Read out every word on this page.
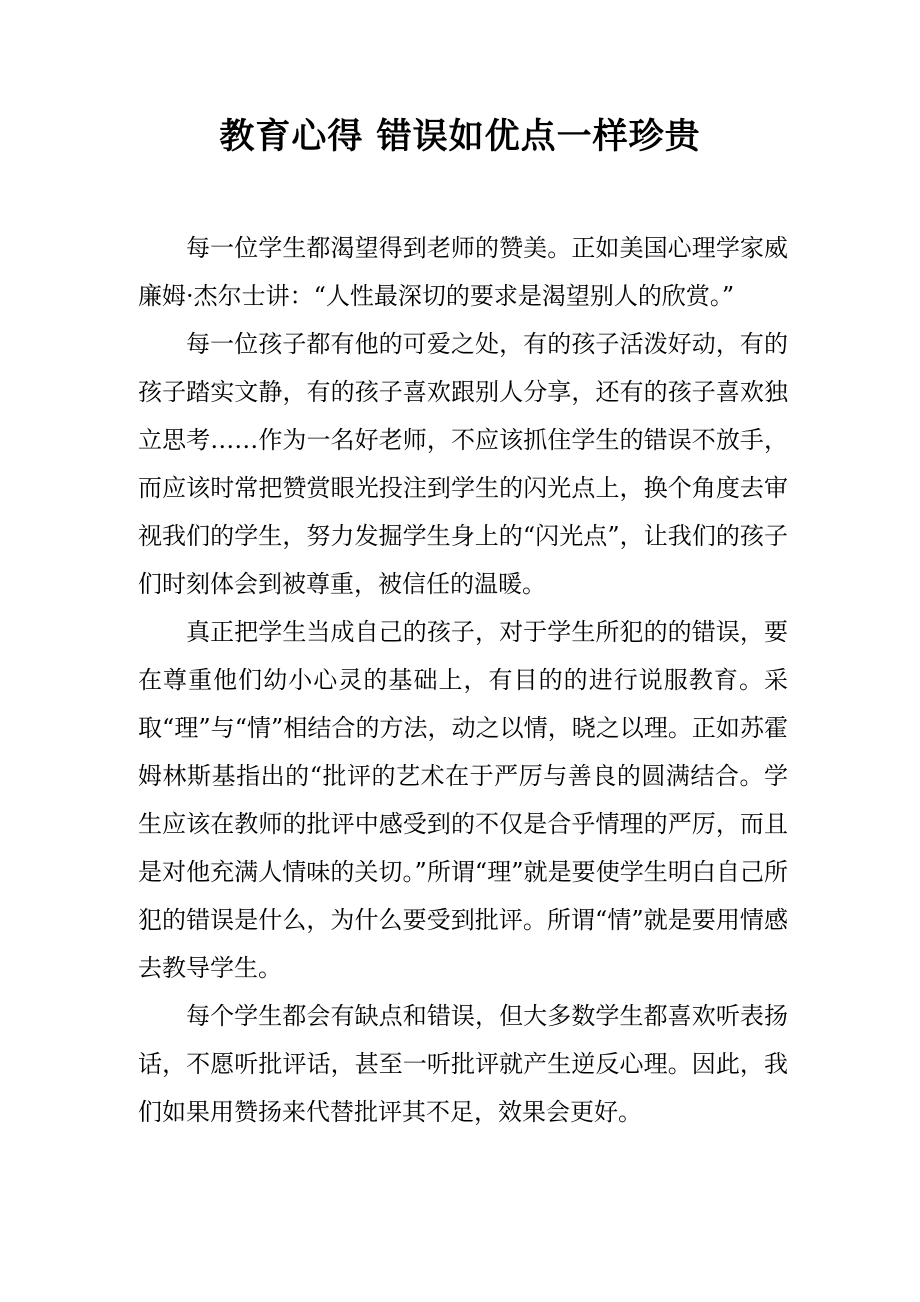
教育心得 错误如优点一样珍贵

每一位学生都渴望得到老师的赞美。正如美国心理学家威廉姆·杰尔士讲：“人性最深切的要求是渴望别人的欣赏。”

每一位孩子都有他的可爱之处，有的孩子活泼好动，有的孩子踏实文静，有的孩子喜欢跟别人分享，还有的孩子喜欢独立思考……作为一名好老师，不应该抓住学生的错误不放手，而应该时常把赞赏眼光投注到学生的闪光点上，换个角度去审视我们的学生，努力发掘学生身上的“闪光点”，让我们的孩子们时刻体会到被尊重，被信任的温暖。

真正把学生当成自己的孩子，对于学生所犯的的错误，要在尊重他们幼小心灵的基础上，有目的的进行说服教育。采取“理”与“情”相结合的方法，动之以情，晓之以理。正如苏霍姆林斯基指出的“批评的艺术在于严厉与善良的圆满结合。学生应该在教师的批评中感受到的不仅是合乎情理的严厉，而且是对他充满人情味的关切。”所谓“理”就是要使学生明白自己所犯的错误是什么，为什么要受到批评。所谓“情”就是要用情感去教导学生。

每个学生都会有缺点和错误，但大多数学生都喜欢听表扬话，不愿听批评话，甚至一听批评就产生逆反心理。因此，我们如果用赞扬来代替批评其不足，效果会更好。
